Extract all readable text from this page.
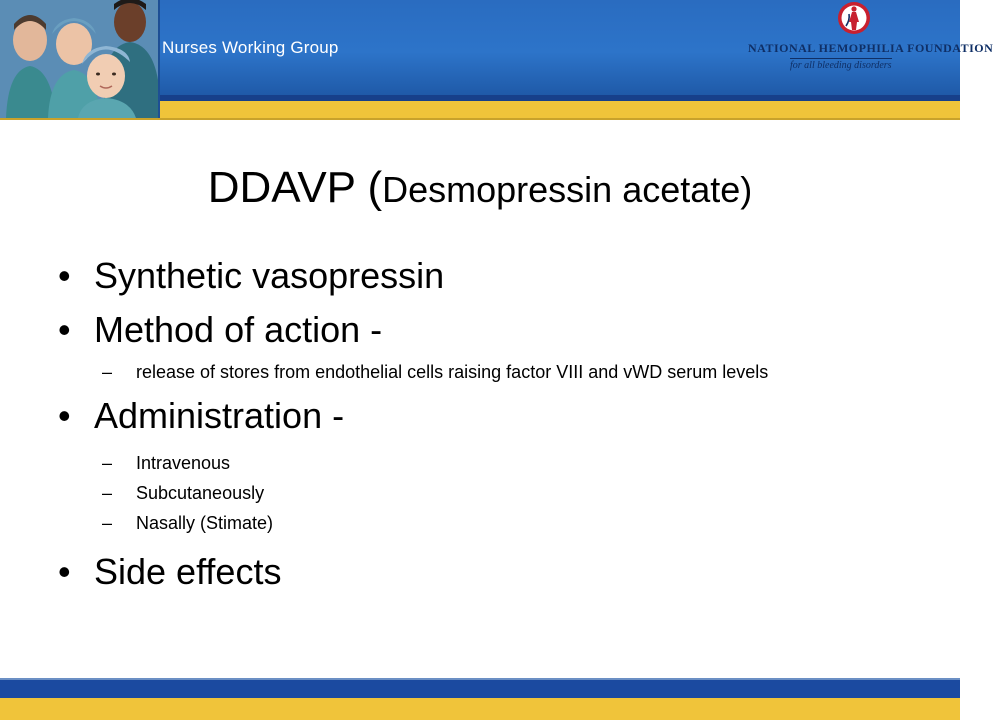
Nurses Working Group	NATIONAL HEMOPHILIA FOUNDATION
for all bleeding disorders
DDAVP (Desmopressin acetate)
• Synthetic vasopressin
• Method of action -
– release of stores from endothelial cells raising factor VIII and vWD serum levels
• Administration -
– Intravenous
– Subcutaneously
– Nasally (Stimate)
• Side effects
